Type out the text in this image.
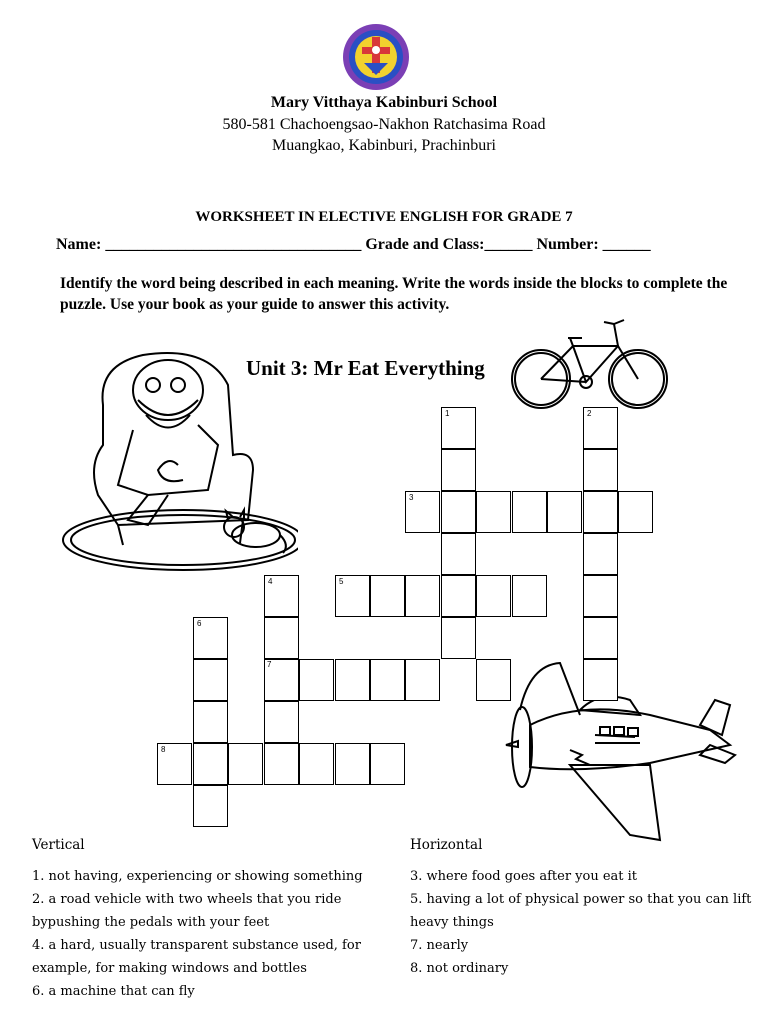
Mary Vitthaya Kabinburi School
580-581 Chachoengsao-Nakhon Ratchasima Road
Muangkao, Kabinburi, Prachinburi
WORKSHEET IN ELECTIVE ENGLISH FOR GRADE 7
Name: ________________________________ Grade and Class:______ Number: ______
Identify the word being described in each meaning. Write the words inside the blocks to complete the puzzle. Use your book as your guide to answer this activity.
Unit 3: Mr Eat Everything
1	2
3
4	5
6
7
8
Vertical
1. not having, experiencing or showing something
2. a road vehicle with two wheels that you ride
bypushing the pedals with your feet
4. a hard, usually transparent substance used, for
example, for making windows and bottles
6. a machine that can fly
Horizontal
3. where food goes after you eat it
5. having a lot of physical power so that you can lift
heavy things
7. nearly
8. not ordinary
